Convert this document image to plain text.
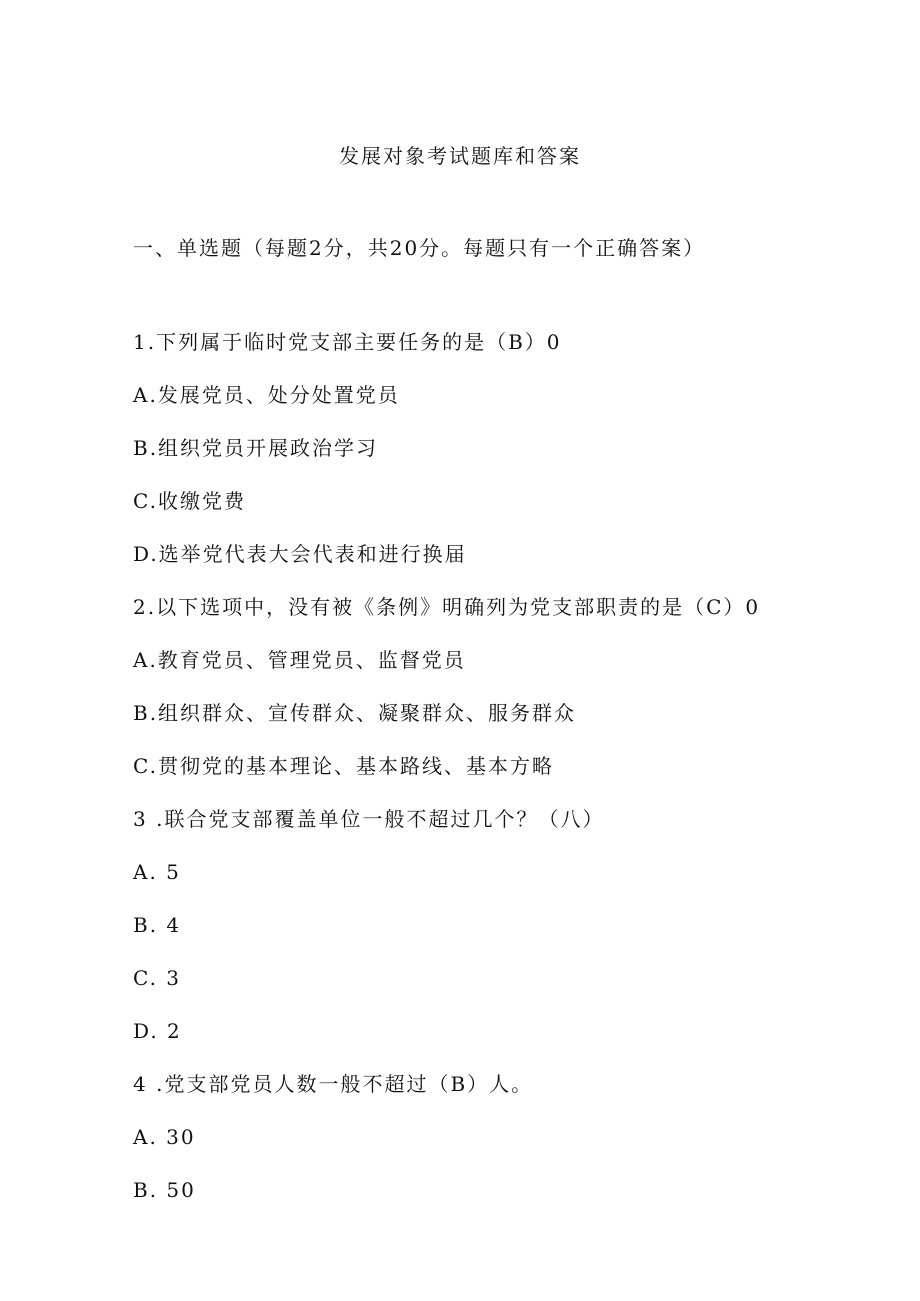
发展对象考试题库和答案
一、单选题（每题2分，共20分。每题只有一个正确答案）
1.下列属于临时党支部主要任务的是（B）0
A.发展党员、处分处置党员
B.组织党员开展政治学习
C.收缴党费
D.选举党代表大会代表和进行换届
2.以下选项中，没有被《条例》明确列为党支部职责的是（C）0
A.教育党员、管理党员、监督党员
B.组织群众、宣传群众、凝聚群众、服务群众
C.贯彻党的基本理论、基本路线、基本方略
3 .联合党支部覆盖单位一般不超过几个？（八）
A. 5
B. 4
C. 3
D. 2
4 .党支部党员人数一般不超过（B）人。
A. 30
B. 50
